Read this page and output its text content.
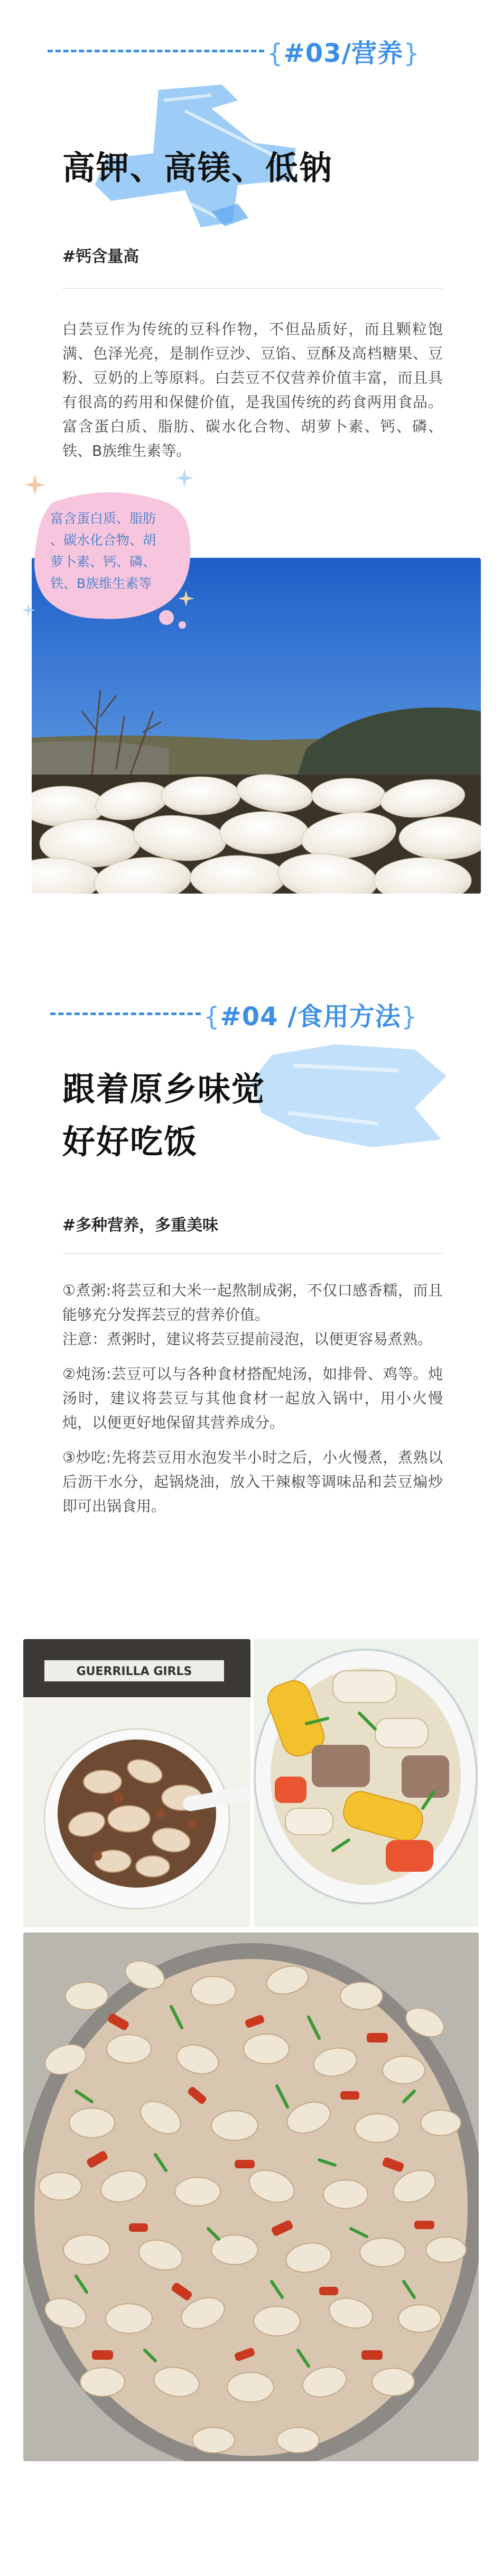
{#03/营养}
高钾、高镁、低钠
#钙含量高

白芸豆作为传统的豆科作物，不但品质好，而且颗粒饱满、色泽光亮，是制作豆沙、豆馅、豆酥及高档糖果、豆粉、豆奶的上等原料。白芸豆不仅营养价值丰富，而且具有很高的药用和保健价值，是我国传统的药食两用食品。富含蛋白质、脂肪、碳水化合物、胡萝卜素、钙、磷、铁、B族维生素等。

富含蛋白质、脂肪
、碳水化合物、胡
萝卜素、钙、磷、
铁、B族维生素等
{#04 /食用方法}
跟着原乡味觉
好好吃饭
#多种营养，多重美味

①煮粥:将芸豆和大米一起熬制成粥，不仅口感香糯，而且能够充分发挥芸豆的营养价值。

注意：煮粥时，建议将芸豆提前浸泡，以便更容易煮熟。

②炖汤:芸豆可以与各种食材搭配炖汤，如排骨、鸡等。炖汤时，建议将芸豆与其他食材一起放入锅中，用小火慢炖，以便更好地保留其营养成分。

③炒吃:先将芸豆用水泡发半小时之后，小火慢煮，煮熟以后沥干水分，起锅烧油，放入干辣椒等调味品和芸豆煸炒即可出锅食用。

GUERRILLA GIRLS
